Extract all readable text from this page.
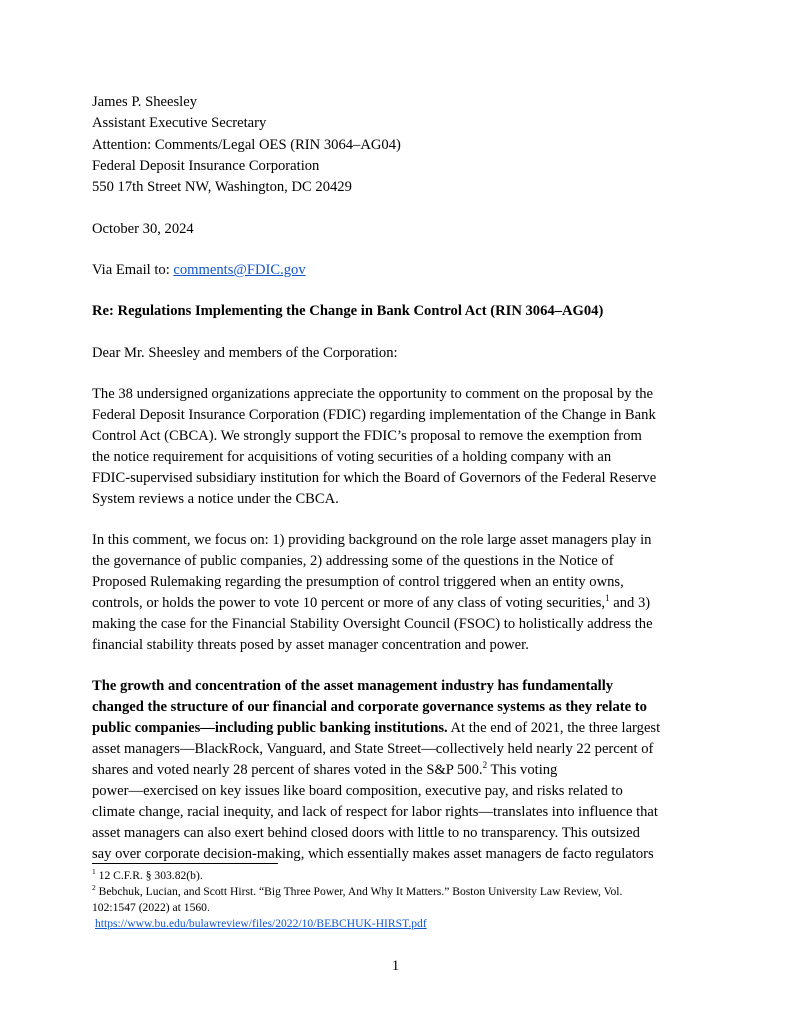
James P. Sheesley
Assistant Executive Secretary
Attention: Comments/Legal OES (RIN 3064–AG04)
Federal Deposit Insurance Corporation
550 17th Street NW, Washington, DC 20429
October 30, 2024
Via Email to: comments@FDIC.gov
Re: Regulations Implementing the Change in Bank Control Act (RIN 3064–AG04)
Dear Mr. Sheesley and members of the Corporation:
The 38 undersigned organizations appreciate the opportunity to comment on the proposal by the
Federal Deposit Insurance Corporation (FDIC) regarding implementation of the Change in Bank
Control Act (CBCA). We strongly support the FDIC’s proposal to remove the exemption from
the notice requirement for acquisitions of voting securities of a holding company with an
FDIC-supervised subsidiary institution for which the Board of Governors of the Federal Reserve
System reviews a notice under the CBCA.
In this comment, we focus on: 1) providing background on the role large asset managers play in
the governance of public companies, 2) addressing some of the questions in the Notice of
Proposed Rulemaking regarding the presumption of control triggered when an entity owns,
controls, or holds the power to vote 10 percent or more of any class of voting securities,$^1$ and 3)
making the case for the Financial Stability Oversight Council (FSOC) to holistically address the
financial stability threats posed by asset manager concentration and power.
The growth and concentration of the asset management industry has fundamentally
changed the structure of our financial and corporate governance systems as they relate to
public companies—including public banking institutions. At the end of 2021, the three largest
asset managers—BlackRock, Vanguard, and State Street—collectively held nearly 22 percent of
shares and voted nearly 28 percent of shares voted in the S&P 500.$^2$ This voting
power—exercised on key issues like board composition, executive pay, and risks related to
climate change, racial inequity, and lack of respect for labor rights—translates into influence that
asset managers can also exert behind closed doors with little to no transparency. This outsized
say over corporate decision-making, which essentially makes asset managers de facto regulators
$^1$ 12 C.F.R. § 303.82(b).
$^2$ Bebchuk, Lucian, and Scott Hirst. “Big Three Power, And Why It Matters.” Boston University Law Review, Vol.
102:1547 (2022) at 1560.
https://www.bu.edu/bulawreview/files/2022/10/BEBCHUK-HIRST.pdf
1
